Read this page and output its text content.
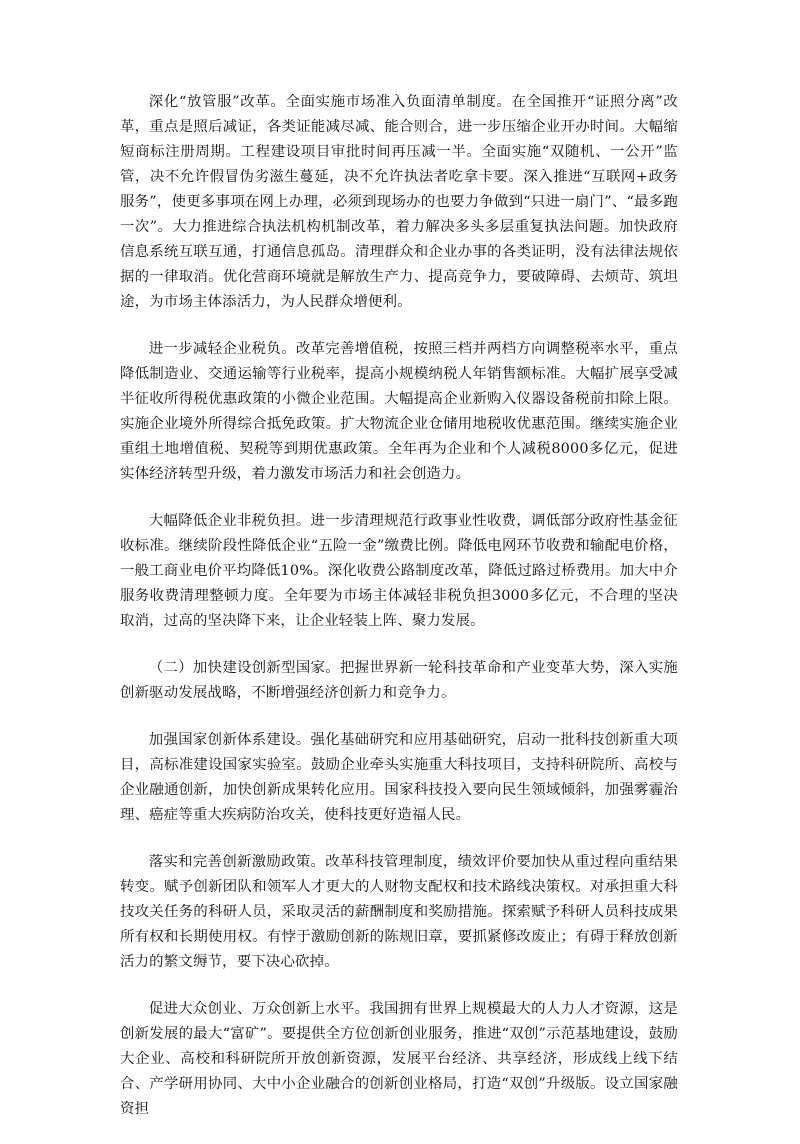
深化“放管服”改革。全面实施市场准入负面清单制度。在全国推开“证照分离”改革，重点是照后减证，各类证能减尽减、能合则合，进一步压缩企业开办时间。大幅缩短商标注册周期。工程建设项目审批时间再压减一半。全面实施“双随机、一公开”监管，决不允许假冒伪劣滋生蔓延，决不允许执法者吃拿卡要。深入推进“互联网+政务服务”，使更多事项在网上办理，必须到现场办的也要力争做到“只进一扇门”、“最多跑一次”。大力推进综合执法机构机制改革，着力解决多头多层重复执法问题。加快政府信息系统互联互通，打通信息孤岛。清理群众和企业办事的各类证明，没有法律法规依据的一律取消。优化营商环境就是解放生产力、提高竞争力，要破障碍、去烦苛、筑坦途，为市场主体添活力，为人民群众增便利。

进一步减轻企业税负。改革完善增值税，按照三档并两档方向调整税率水平，重点降低制造业、交通运输等行业税率，提高小规模纳税人年销售额标准。大幅扩展享受减半征收所得税优惠政策的小微企业范围。大幅提高企业新购入仪器设备税前扣除上限。实施企业境外所得综合抵免政策。扩大物流企业仓储用地税收优惠范围。继续实施企业重组土地增值税、契税等到期优惠政策。全年再为企业和个人减税8000多亿元，促进实体经济转型升级，着力激发市场活力和社会创造力。

大幅降低企业非税负担。进一步清理规范行政事业性收费，调低部分政府性基金征收标准。继续阶段性降低企业“五险一金”缴费比例。降低电网环节收费和输配电价格，一般工商业电价平均降低10%。深化收费公路制度改革，降低过路过桥费用。加大中介服务收费清理整顿力度。全年要为市场主体减轻非税负担3000多亿元，不合理的坚决取消，过高的坚决降下来，让企业轻装上阵、聚力发展。

（二）加快建设创新型国家。把握世界新一轮科技革命和产业变革大势，深入实施创新驱动发展战略，不断增强经济创新力和竞争力。

加强国家创新体系建设。强化基础研究和应用基础研究，启动一批科技创新重大项目，高标准建设国家实验室。鼓励企业牵头实施重大科技项目，支持科研院所、高校与企业融通创新，加快创新成果转化应用。国家科技投入要向民生领域倾斜，加强雾霾治理、癌症等重大疾病防治攻关，使科技更好造福人民。

落实和完善创新激励政策。改革科技管理制度，绩效评价要加快从重过程向重结果转变。赋予创新团队和领军人才更大的人财物支配权和技术路线决策权。对承担重大科技攻关任务的科研人员，采取灵活的薪酬制度和奖励措施。探索赋予科研人员科技成果所有权和长期使用权。有悖于激励创新的陈规旧章，要抓紧修改废止；有碍于释放创新活力的繁文缛节，要下决心砍掉。

促进大众创业、万众创新上水平。我国拥有世界上规模最大的人力人才资源，这是创新发展的最大“富矿”。要提供全方位创新创业服务，推进“双创”示范基地建设，鼓励大企业、高校和科研院所开放创新资源，发展平台经济、共享经济，形成线上线下结合、产学研用协同、大中小企业融合的创新创业格局，打造“双创”升级版。设立国家融资担
